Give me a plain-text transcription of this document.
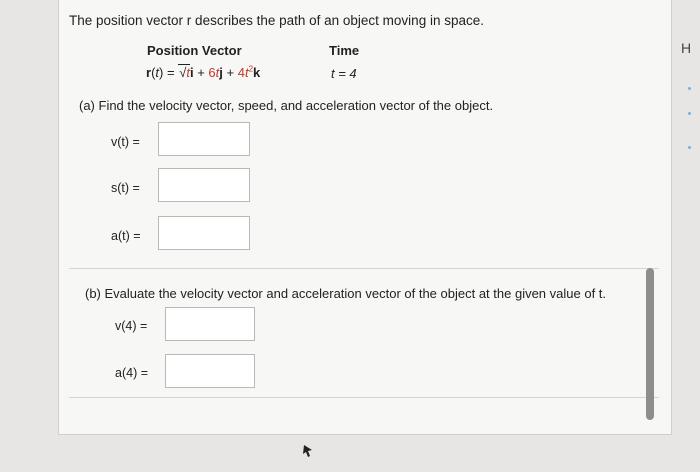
The position vector r describes the path of an object moving in space.
Position Vector	Time
$r(t) = √ti + 6tj + 4t^2k$	t = 4
(a) Find the velocity vector, speed, and acceleration vector of the object.
v(t) =
s(t) =
a(t) =
(b) Evaluate the velocity vector and acceleration vector of the object at the given value of t.
v(4) =
a(4) =
H
